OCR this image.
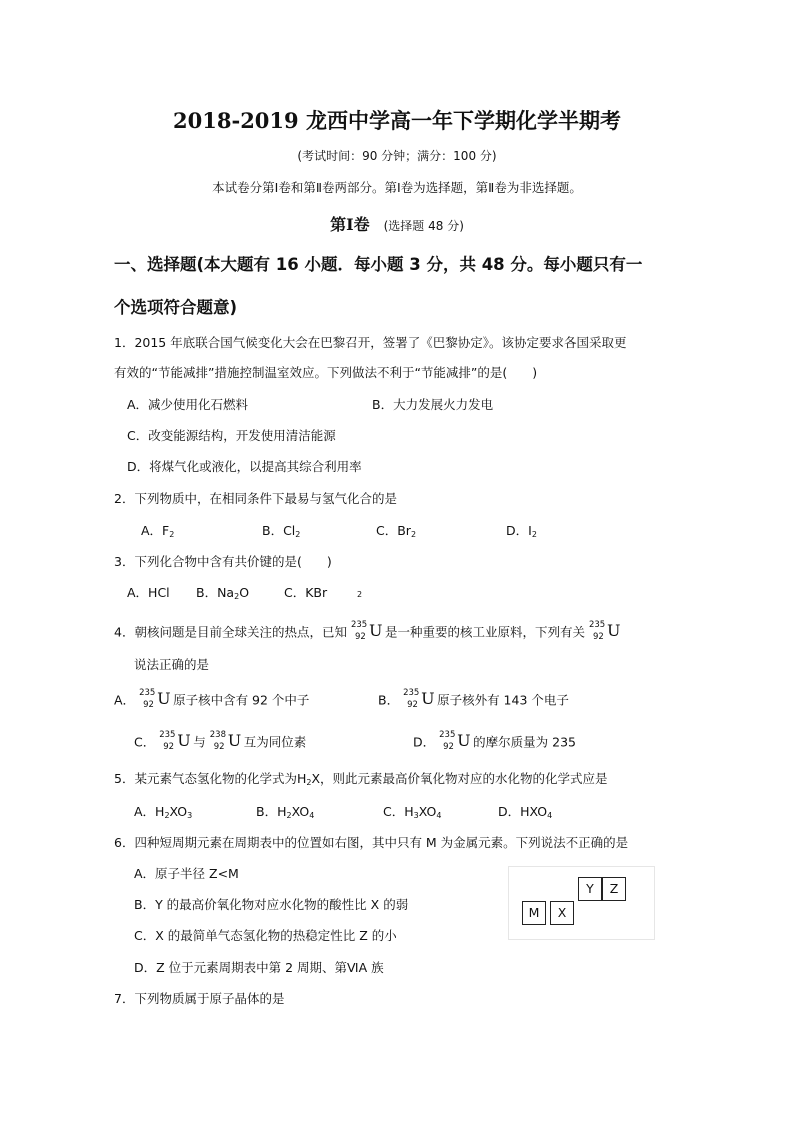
2018-2019 龙西中学高一年下学期化学半期考
(考试时间：90 分钟；满分：100 分)
本试卷分第Ⅰ卷和第Ⅱ卷两部分。第Ⅰ卷为选择题，第Ⅱ卷为非选择题。
第Ⅰ卷 (选择题 48 分)
一、选择题(本大题有 16 小题．每小题 3 分，共 48 分。每小题只有一
个选项符合题意)
1．2015 年底联合国气候变化大会在巴黎召开，签署了《巴黎协定》。该协定要求各国采取更
有效的“节能减排”措施控制温室效应。下列做法不利于“节能减排”的是(　　)
A．减少使用化石燃料	B．大力发展火力发电
C．改变能源结构，开发使用清洁能源
D．将煤气化或液化，以提高其综合利用率
2．下列物质中，在相同条件下最易与氢气化合的是
A．$F_2$	B．$Cl_2$	C．$Br_2$	D．$I_2$
3．下列化合物中含有共价键的是(　　)
A．HCl B．$Na_2O$	C．KBr	$_2$
4．朝核问题是目前全球关注的热点，已知 235
92 U 是一种重要的核工业原料，下列有关 235
92 U
说法正确的是
A． 235
92 U 原子核中含有 92 个中子	B． 235
92 U 原子核外有 143 个电子
C． 235
92 U 与 238
92 U 互为同位素	D． 235
92 U 的摩尔质量为 235
5．某元素气态氢化物的化学式为$H_2X$，则此元素最高价氧化物对应的水化物的化学式应是
A．$H_2XO_3$	B．$H_2XO_4$	C．$H_3XO_4$	D．$HXO_4$
6．四种短周期元素在周期表中的位置如右图，其中只有 M 为金属元素。下列说法不正确的是
A．原子半径 Z<M
B．Y 的最高价氧化物对应水化物的酸性比 X 的弱
C．X 的最简单气态氢化物的热稳定性比 Z 的小
D．Z 位于元素周期表中第 2 周期、第ⅥA 族
Y	Z
M	X
7．下列物质属于原子晶体的是
